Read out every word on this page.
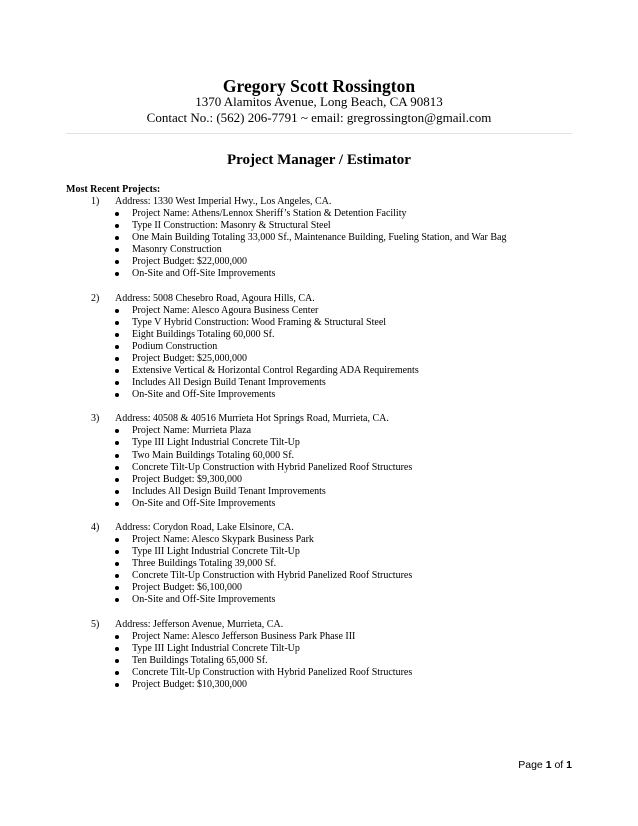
Gregory Scott Rossington
1370 Alamitos Avenue, Long Beach, CA 90813
Contact No.: (562) 206-7791 ~ email: gregrossington@gmail.com
Project Manager / Estimator
Most Recent Projects:
1) Address: 1330 West Imperial Hwy., Los Angeles, CA.
Project Name: Athens/Lennox Sheriff’s Station & Detention Facility
Type II Construction: Masonry & Structural Steel
One Main Building Totaling 33,000 Sf., Maintenance Building, Fueling Station, and War Bag
Masonry Construction
Project Budget: $22,000,000
On-Site and Off-Site Improvements
2) Address: 5008 Chesebro Road, Agoura Hills, CA.
Project Name: Alesco Agoura Business Center
Type V Hybrid Construction: Wood Framing & Structural Steel
Eight Buildings Totaling 60,000 Sf.
Podium Construction
Project Budget: $25,000,000
Extensive Vertical & Horizontal Control Regarding ADA Requirements
Includes All Design Build Tenant Improvements
On-Site and Off-Site Improvements
3) Address: 40508 & 40516 Murrieta Hot Springs Road, Murrieta, CA.
Project Name: Murrieta Plaza
Type III Light Industrial Concrete Tilt-Up
Two Main Buildings Totaling 60,000 Sf.
Concrete Tilt-Up Construction with Hybrid Panelized Roof Structures
Project Budget: $9,300,000
Includes All Design Build Tenant Improvements
On-Site and Off-Site Improvements
4) Address: Corydon Road, Lake Elsinore, CA.
Project Name: Alesco Skypark Business Park
Type III Light Industrial Concrete Tilt-Up
Three Buildings Totaling 39,000 Sf.
Concrete Tilt-Up Construction with Hybrid Panelized Roof Structures
Project Budget: $6,100,000
On-Site and Off-Site Improvements
5) Address: Jefferson Avenue, Murrieta, CA.
Project Name: Alesco Jefferson Business Park Phase III
Type III Light Industrial Concrete Tilt-Up
Ten Buildings Totaling 65,000 Sf.
Concrete Tilt-Up Construction with Hybrid Panelized Roof Structures
Project Budget: $10,300,000
Page 1 of 1
